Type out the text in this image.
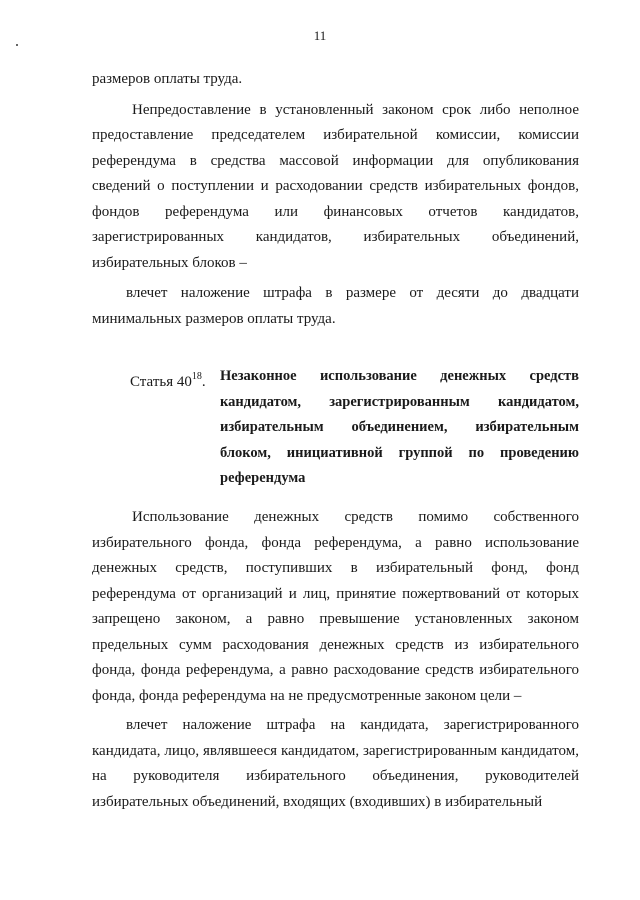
11

размеров оплаты труда.

Непредоставление в установленный законом срок либо неполное предоставление председателем избирательной комиссии, комиссии референдума в средства массовой информации для опубликования сведений о поступлении и расходовании средств избирательных фондов, фондов референдума или финансовых отчетов кандидатов, зарегистрированных кандидатов, избирательных объединений, избирательных блоков –

влечет наложение штрафа в размере от десяти до двадцати минимальных размеров оплаты труда.

Статья $40^{18}$. Незаконное использование денежных средств кандидатом, зарегистрированным кандидатом, избирательным объединением, избирательным блоком, инициативной группой по проведению референдума

Использование денежных средств помимо собственного избирательного фонда, фонда референдума, а равно использование денежных средств, поступивших в избирательный фонд, фонд референдума от организаций и лиц, принятие пожертвований от которых запрещено законом, а равно превышение установленных законом предельных сумм расходования денежных средств из избирательного фонда, фонда референдума, а равно расходование средств избирательного фонда, фонда референдума на не предусмотренные законом цели –

влечет наложение штрафа на кандидата, зарегистрированного кандидата, лицо, являвшееся кандидатом, зарегистрированным кандидатом, на руководителя избирательного объединения, руководителей избирательных объединений, входящих (входивших) в избирательный
